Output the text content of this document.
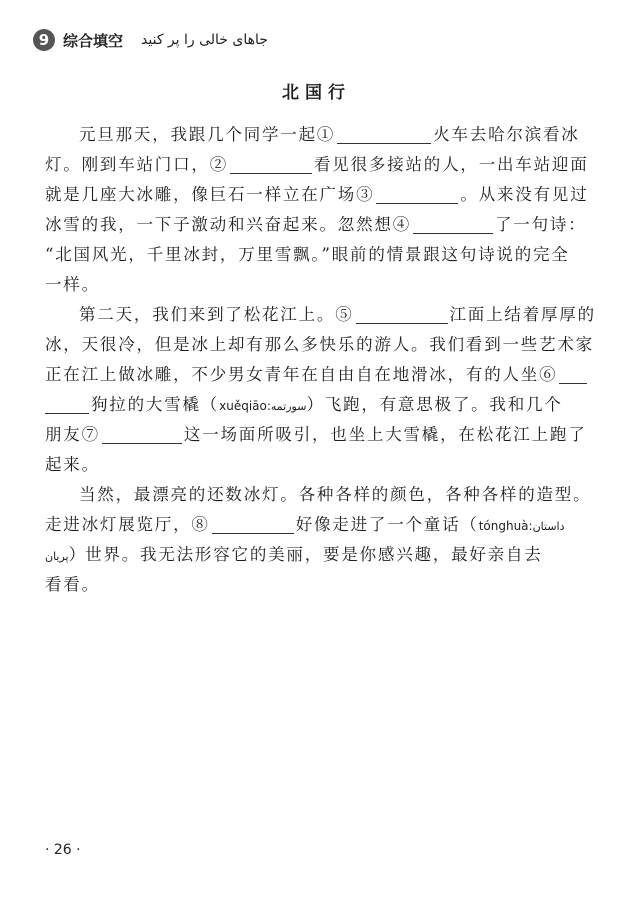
9 综合填空 جاهای خالی را پر کنید
北国行
元旦那天，我跟几个同学一起①	火车去哈尔滨看冰
灯。刚到车站门口，②	看见很多接站的人，一出车站迎面
就是几座大冰雕，像巨石一样立在广场③	。从来没有见过
冰雪的我，一下子激动和兴奋起来。忽然想④	了一句诗：
“北国风光，千里冰封，万里雪飘。”眼前的情景跟这句诗说的完全
一样。
第二天，我们来到了松花江上。⑤	江面上结着厚厚的
冰，天很冷，但是冰上却有那么多快乐的游人。我们看到一些艺术家
正在江上做冰雕，不少男女青年在自由自在地滑冰，有的人坐⑥
狗拉的大雪橇（xuěqiāo:سورتمه）飞跑，有意思极了。我和几个
朋友⑦	这一场面所吸引，也坐上大雪橇，在松花江上跑了
起来。
当然，最漂亮的还数冰灯。各种各样的颜色，各种各样的造型。
走进冰灯展览厅，⑧	好像走进了一个童话（tónghuà:داستان
پریان）世界。我无法形容它的美丽，要是你感兴趣，最好亲自去
看看。
· 26 ·
